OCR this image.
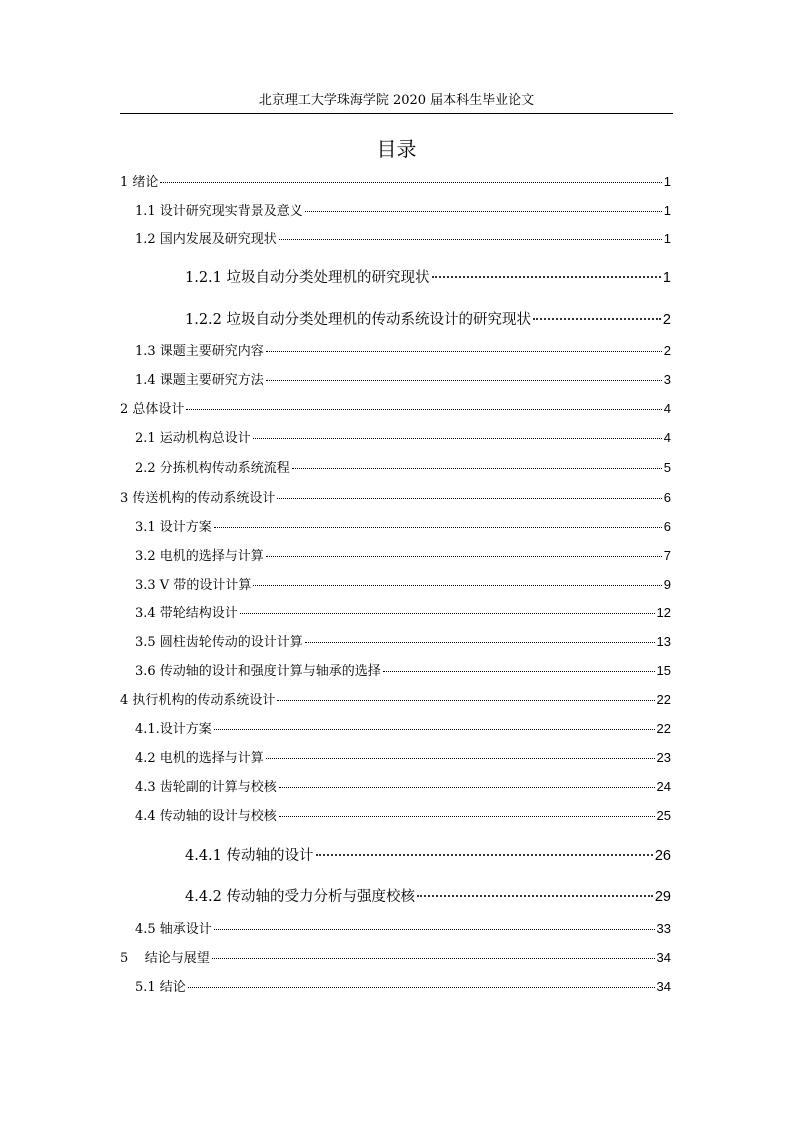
北京理工大学珠海学院 2020 届本科生毕业论文
目录
1 绪论	1
1.1 设计研究现实背景及意义	1
1.2 国内发展及研究现状	1
1.2.1 垃圾自动分类处理机的研究现状	1
1.2.2 垃圾自动分类处理机的传动系统设计的研究现状	2
1.3 课题主要研究内容	2
1.4 课题主要研究方法	3
2 总体设计	4
2.1 运动机构总设计	4
2.2 分拣机构传动系统流程	5
3 传送机构的传动系统设计	6
3.1 设计方案	6
3.2 电机的选择与计算	7
3.3 V 带的设计计算	9
3.4 带轮结构设计	12
3.5 圆柱齿轮传动的设计计算	13
3.6 传动轴的设计和强度计算与轴承的选择	15
4 执行机构的传动系统设计	22
4.1.设计方案	22
4.2 电机的选择与计算	23
4.3 齿轮副的计算与校核	24
4.4 传动轴的设计与校核	25
4.4.1 传动轴的设计	26
4.4.2 传动轴的受力分析与强度校核	29
4.5 轴承设计	33
5    结论与展望	34
5.1 结论	34
